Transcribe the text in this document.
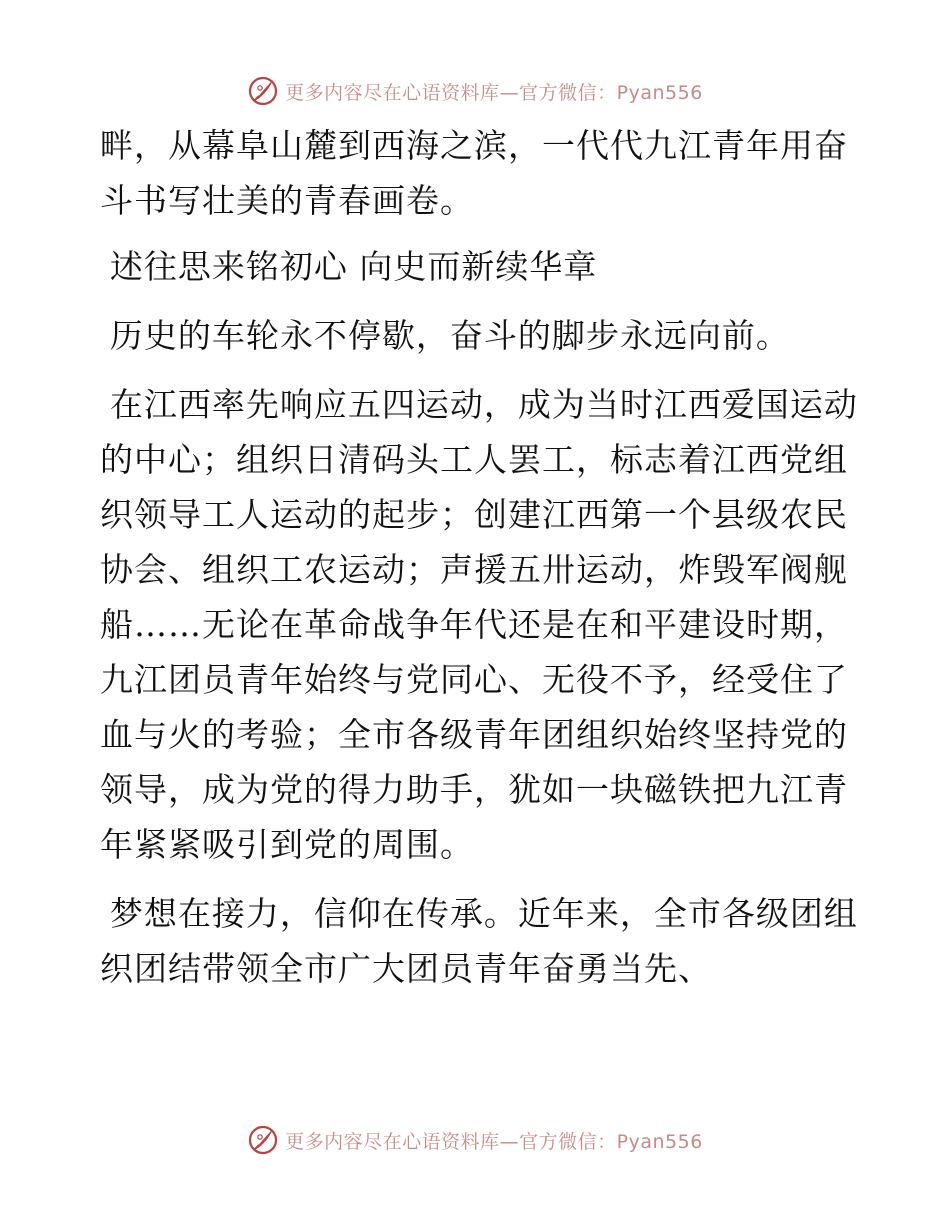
更多内容尽在心语资料库—官方微信：Pyan556

畔，从幕阜山麓到西海之滨，一代代九江青年用奋斗书写壮美的青春画卷。

述往思来铭初心 向史而新续华章

历史的车轮永不停歇，奋斗的脚步永远向前。

在江西率先响应五四运动，成为当时江西爱国运动的中心；组织日清码头工人罢工，标志着江西党组织领导工人运动的起步；创建江西第一个县级农民协会、组织工农运动；声援五卅运动，炸毁军阀舰船……无论在革命战争年代还是在和平建设时期，九江团员青年始终与党同心、无役不予，经受住了血与火的考验；全市各级青年团组织始终坚持党的领导，成为党的得力助手，犹如一块磁铁把九江青年紧紧吸引到党的周围。

梦想在接力，信仰在传承。近年来，全市各级团组织团结带领全市广大团员青年奋勇当先、

更多内容尽在心语资料库—官方微信：Pyan556
